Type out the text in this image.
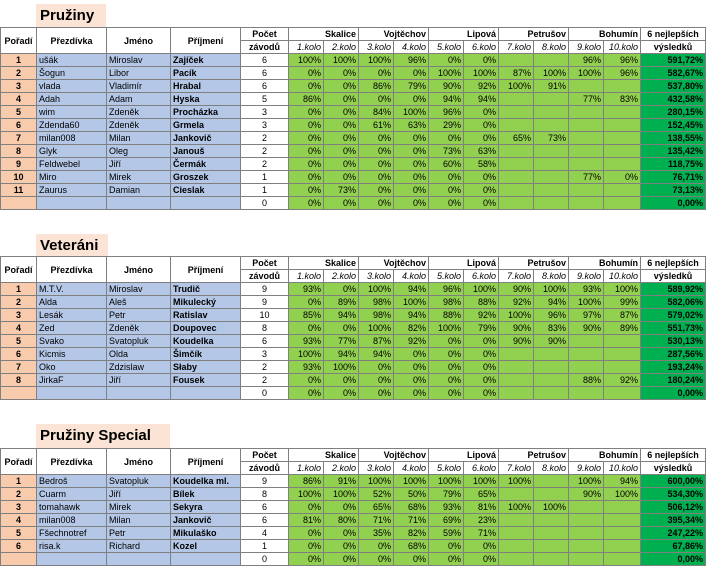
Pružiny
Pořadí	Přezdívka	Jméno	Příjmení	Počet	Skalice		Vojtěchov		Lipová		Petrušov		Bohumín		6 nejlepších
				závodů	1.kolo	2.kolo	3.kolo	4.kolo	5.kolo	6.kolo	7.kolo	8.kolo	9.kolo	10.kolo	výsledků
1	ušák	Miroslav	Zajíček	6	100%	100%	100%	96%	0%	0%			96%	96%	591,72%
2	Šogun	Libor	Pacík	6	0%	0%	0%	0%	100%	100%	87%	100%	100%	96%	582,67%
3	vlada	Vladimír	Hrabal	6	0%	0%	86%	79%	90%	92%	100%	91%			537,80%
4	Adah	Adam	Hyska	5	86%	0%	0%	0%	94%	94%			77%	83%	432,58%
5	wim	Zdeněk	Procházka	3	0%	0%	84%	100%	96%	0%					280,15%
6	Zdenda60	Zdeněk	Grmela	3	0%	0%	61%	63%	29%	0%					152,45%
7	milan008	Milan	Jankovič	2	0%	0%	0%	0%	0%	0%	65%	73%			138,55%
8	Glyk	Oleg	Janouš	2	0%	0%	0%	0%	73%	63%					135,42%
9	Feldwebel	Jiří	Čermák	2	0%	0%	0%	0%	60%	58%					118,75%
10	Miro	Mirek	Groszek	1	0%	0%	0%	0%	0%	0%			77%	0%	76,71%
11	Zaurus	Damian	Cieslak	1	0%	73%	0%	0%	0%	0%					73,13%
				0	0%	0%	0%	0%	0%	0%					0,00%
Veteráni
Pořadí	Přezdívka	Jméno	Příjmení	Počet	Skalice		Vojtěchov		Lipová		Petrušov		Bohumín		6 nejlepších
				závodů	1.kolo	2.kolo	3.kolo	4.kolo	5.kolo	6.kolo	7.kolo	8.kolo	9.kolo	10.kolo	výsledků
1	M.T.V.	Miroslav	Trudič	9	93%	0%	100%	94%	96%	100%	90%	100%	93%	100%	589,92%
2	Alda	Aleš	Mikulecký	9	0%	89%	98%	100%	98%	88%	92%	94%	100%	99%	582,06%
3	Lesák	Petr	Ratislav	10	85%	94%	98%	94%	88%	92%	100%	96%	97%	87%	579,02%
4	Zed	Zdeněk	Doupovec	8	0%	0%	100%	82%	100%	79%	90%	83%	90%	89%	551,73%
5	Svako	Svatopluk	Koudelka	6	93%	77%	87%	92%	0%	0%	90%	90%			530,13%
6	Kicmis	Olda	Šimčík	3	100%	94%	94%	0%	0%	0%					287,56%
7	Oko	Zdzislaw	Słaby	2	93%	100%	0%	0%	0%	0%					193,24%
8	JirkaF	Jiří	Fousek	2	0%	0%	0%	0%	0%	0%			88%	92%	180,24%
				0	0%	0%	0%	0%	0%	0%					0,00%
Pružiny Special
Pořadí	Přezdívka	Jméno	Příjmení	Počet	Skalice		Vojtěchov		Lipová		Petrušov		Bohumín		6 nejlepších
				závodů	1.kolo	2.kolo	3.kolo	4.kolo	5.kolo	6.kolo	7.kolo	8.kolo	9.kolo	10.kolo	výsledků
1	Bedroš	Svatopluk	Koudelka ml.	9	86%	91%	100%	100%	100%	100%	100%		100%	94%	600,00%
2	Cuarm	Jiří	Bílek	8	100%	100%	52%	50%	79%	65%			90%	100%	534,30%
3	tomahawk	Mirek	Sekyra	6	0%	0%	65%	68%	93%	81%	100%	100%			506,12%
4	milan008	Milan	Jankovič	6	81%	80%	71%	71%	69%	23%					395,34%
5	Fšechnotref	Petr	Mikulaško	4	0%	0%	35%	82%	59%	71%					247,22%
6	risa.k	Richard	Kozel	1	0%	0%	0%	68%	0%	0%					67,86%
				0	0%	0%	0%	0%	0%	0%					0,00%
